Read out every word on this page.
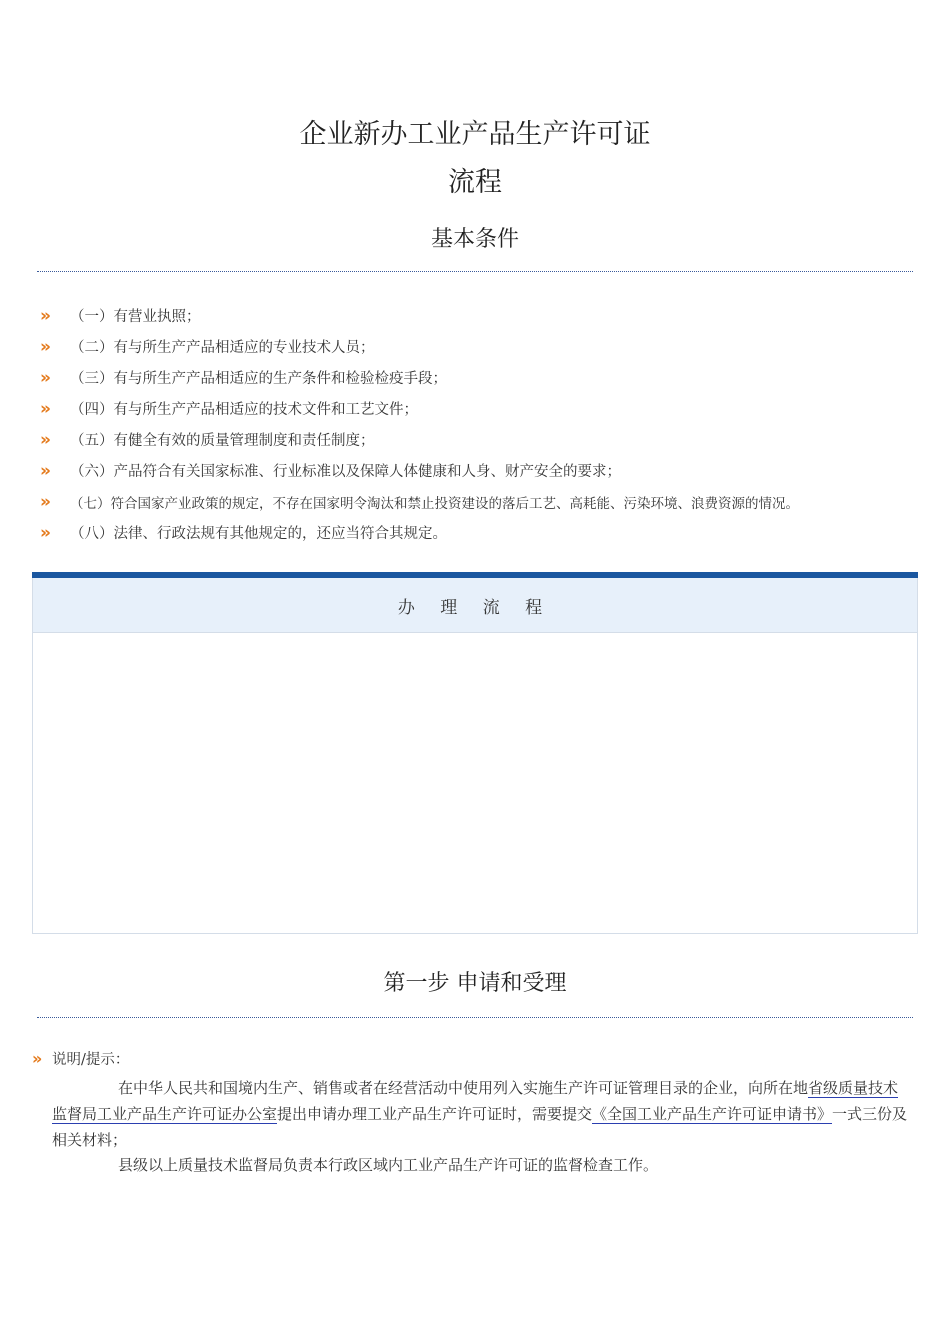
企业新办工业产品生产许可证
流程
基本条件
»	（一）有营业执照；
»	（二）有与所生产产品相适应的专业技术人员；
»	（三）有与所生产产品相适应的生产条件和检验检疫手段；
»	（四）有与所生产产品相适应的技术文件和工艺文件；
»	（五）有健全有效的质量管理制度和责任制度；
»	（六）产品符合有关国家标准、行业标准以及保障人体健康和人身、财产安全的要求；
»	（七）符合国家产业政策的规定，不存在国家明令淘汰和禁止投资建设的落后工艺、高耗能、污染环境、浪费资源的情况。
»	（八）法律、行政法规有其他规定的，还应当符合其规定。
办 理 流 程
第一步 申请和受理
» 说明/提示：
在中华人民共和国境内生产、销售或者在经营活动中使用列入实施生产许可证管理目录的企业，向所在地省级质量技术监督局工业产品生产许可证办公室提出申请办理工业产品生产许可证时，需要提交《全国工业产品生产许可证申请书》一式三份及相关材料；
县级以上质量技术监督局负责本行政区域内工业产品生产许可证的监督检查工作。
